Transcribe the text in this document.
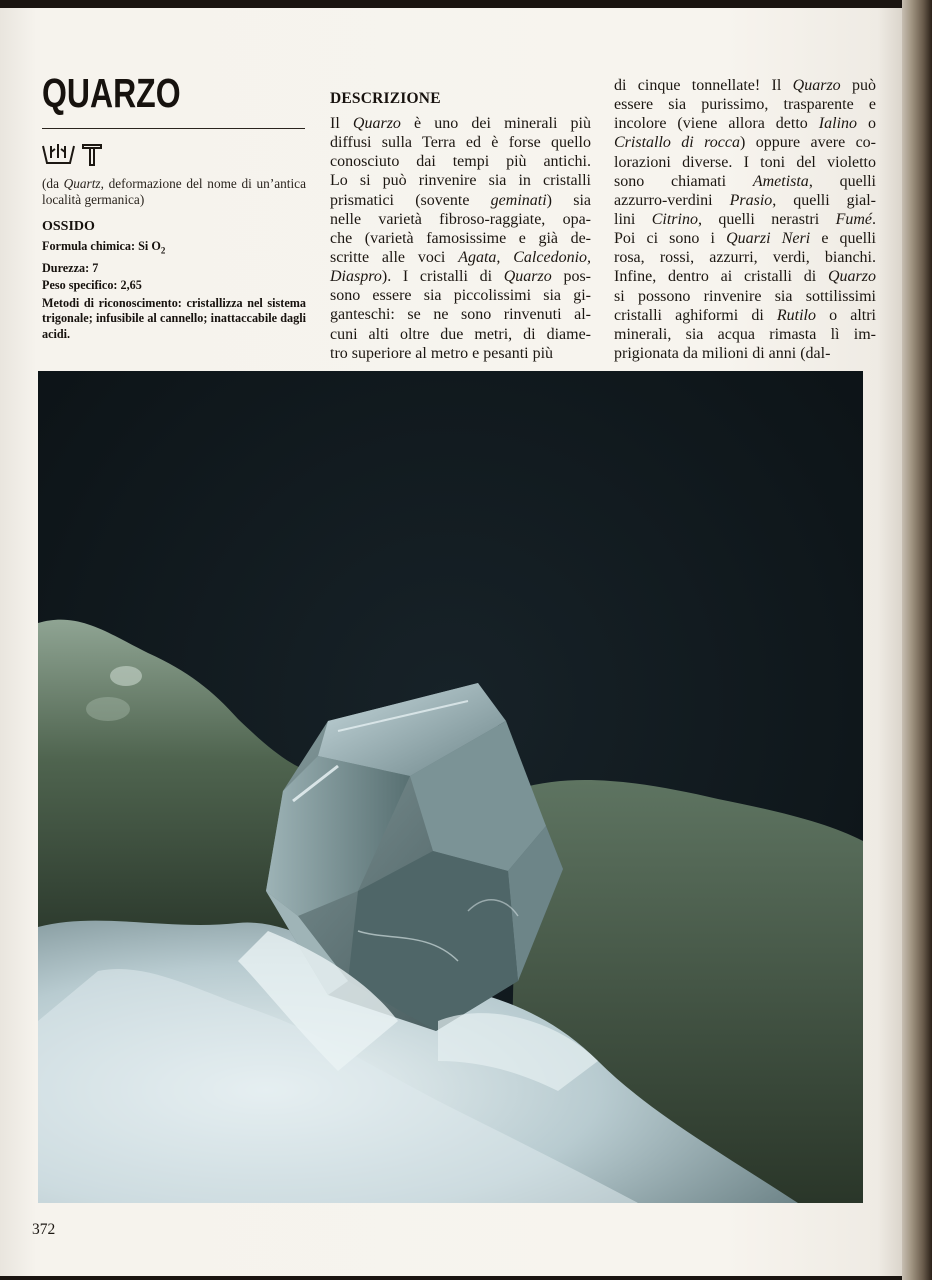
QUARZO

(da Quartz, deformazione del nome di un’antica località germanica)

OSSIDO

Formula chimica: Si $O_2$
Durezza: 7
Peso specifico: 2,65
Metodi di riconoscimento: cristallizza nel sistema trigonale; infusibile al cannello; inattaccabile dagli acidi.
DESCRIZIONE
Il Quarzo è uno dei minerali più
diffusi sulla Terra ed è forse quello
conosciuto dai tempi più antichi.
Lo si può rinvenire sia in cristalli
prismatici (sovente geminati) sia
nelle varietà fibroso-raggiate, opa-
che (varietà famosissime e già de-
scritte alle voci Agata, Calcedonio,
Diaspro). I cristalli di Quarzo pos-
sono essere sia piccolissimi sia gi-
ganteschi: se ne sono rinvenuti al-
cuni alti oltre due metri, di diame-
tro superiore al metro e pesanti più
di cinque tonnellate! Il Quarzo può
essere sia purissimo, trasparente e
incolore (viene allora detto Ialino o
Cristallo di rocca) oppure avere co-
lorazioni diverse. I toni del violetto
sono chiamati Ametista, quelli
azzurro-verdini Prasio, quelli gial-
lini Citrino, quelli nerastri Fumé.
Poi ci sono i Quarzi Neri e quelli
rosa, rossi, azzurri, verdi, bianchi.
Infine, dentro ai cristalli di Quarzo
si possono rinvenire sia sottilissimi
cristalli aghiformi di Rutilo o altri
minerali, sia acqua rimasta lì im-
prigionata da milioni di anni (dal-

372
